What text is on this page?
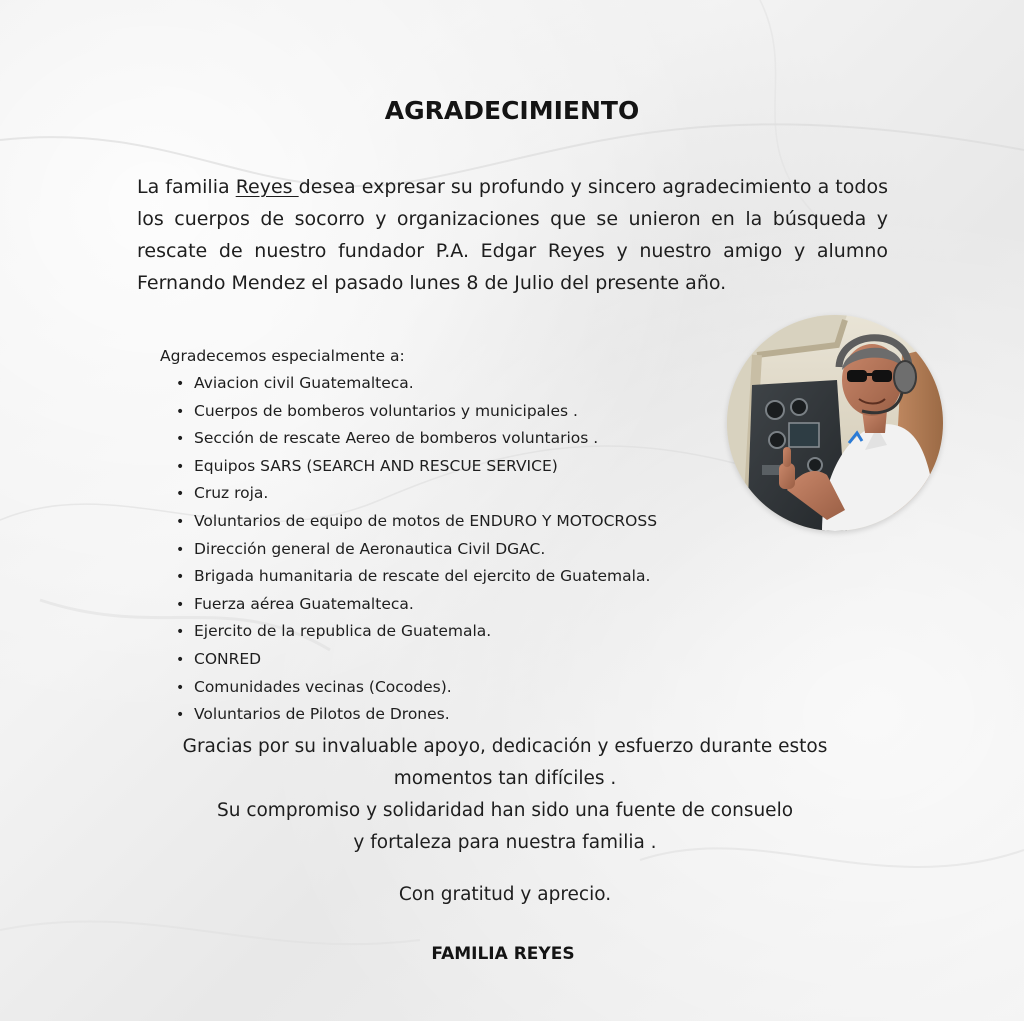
AGRADECIMIENTO
La familia Reyes desea expresar su profundo y sincero agradecimiento a todos los cuerpos de socorro y organizaciones que se unieron en la búsqueda y rescate de nuestro fundador P.A. Edgar Reyes y nuestro amigo y alumno Fernando Mendez el pasado lunes 8 de Julio del presente año.
Agradecemos especialmente a:
• Aviacion civil Guatemalteca.
• Cuerpos de bomberos voluntarios y municipales .
• Sección de rescate Aereo de bomberos voluntarios .
• Equipos SARS (SEARCH AND RESCUE SERVICE)
• Cruz roja.
• Voluntarios de equipo de motos de ENDURO Y MOTOCROSS
• Dirección general de Aeronautica Civil DGAC.
• Brigada humanitaria de rescate del ejercito de Guatemala.
• Fuerza aérea Guatemalteca.
• Ejercito de la republica de Guatemala.
• CONRED
• Comunidades vecinas (Cocodes).
• Voluntarios de Pilotos de Drones.

Gracias por su invaluable apoyo, dedicación y esfuerzo durante estos

momentos tan difíciles .

Su compromiso y solidaridad han sido una fuente de consuelo

y fortaleza para nuestra familia .

Con gratitud y aprecio.
FAMILIA REYES
